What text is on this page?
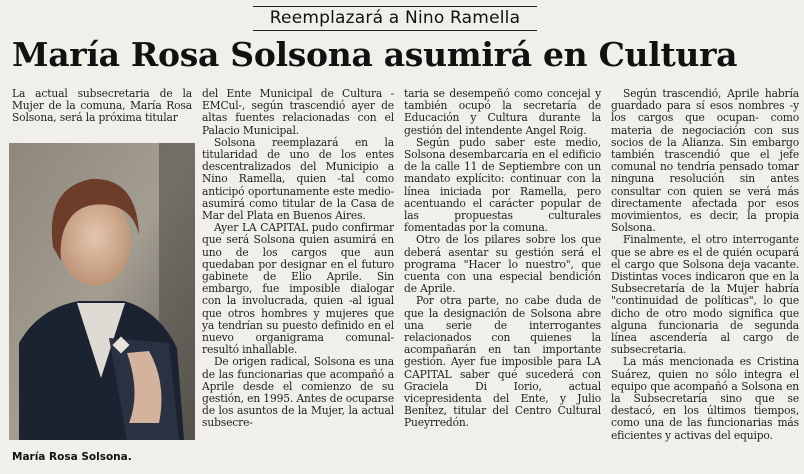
Reemplazará a Nino Ramella
María Rosa Solsona asumirá en Cultura

La actual subsecretaria de la Mujer de la comuna, María Rosa Solsona, será la próxima titular

María Rosa Solsona.

del Ente Municipal de Cultura -EMCul-, según trascendió ayer de altas fuentes relacionadas con el Palacio Municipal.

Solsona reemplazará en la titularidad de uno de los entes descentralizados del Municipio a Nino Ramella, quien -tal como anticipó oportunamente este medio- asumirá como titular de la Casa de Mar del Plata en Buenos Aires.

Ayer LA CAPITAL pudo confirmar que será Solsona quien asumirá en uno de los cargos que aun quedaban por designar en el futuro gabinete de Elio Aprile. Sin embargo, fue imposible dialogar con la involucrada, quien -al igual que otros hombres y mujeres que ya tendrían su puesto definido en el nuevo organigrama comunal- resultó inhallable.

De origen radical, Solsona es una de las funcionarias que acompañó a Aprile desde el comienzo de su gestión, en 1995. Antes de ocuparse de los asuntos de la Mujer, la actual subsecre-

taria se desempeñó como concejal y también ocupó la secretaría de Educación y Cultura durante la gestión del intendente Angel Roig.

Según pudo saber este medio, Solsona desembarcaría en el edificio de la calle 11 de Septiembre con un mandato explícito: continuar con la línea iniciada por Ramella, pero acentuando el carácter popular de las propuestas culturales fomentadas por la comuna.

Otro de los pilares sobre los que deberá asentar su gestión será el programa "Hacer lo nuestro", que cuenta con una especial bendición de Aprile.

Por otra parte, no cabe duda de que la designación de Solsona abre una serie de interrogantes relacionados con quienes la acompañarán en tan importante gestión. Ayer fue imposible para LA CAPITAL saber qué sucederá con Graciela Di Iorio, actual vicepresidenta del Ente, y Julio Benítez, titular del Centro Cultural Pueyrredón.

Según trascendió, Aprile habría guardado para sí esos nombres -y los cargos que ocupan- como materia de negociación con sus socios de la Alianza. Sin embargo también trascendió que el jefe comunal no tendría pensado tomar ninguna resolución sin antes consultar con quien se verá más directamente afectada por esos movimientos, es decir, la propia Solsona.

Finalmente, el otro interrogante que se abre es el de quién ocupará el cargo que Solsona deja vacante. Distintas voces indicaron que en la Subsecretaría de la Mujer habría "continuidad de políticas", lo que dicho de otro modo significa que alguna funcionaria de segunda línea ascendería al cargo de subsecretaria.

La más mencionada es Cristina Suárez, quien no sólo integra el equipo que acompañó a Solsona en la Subsecretaría sino que se destacó, en los últimos tiempos, como una de las funcionarias más eficientes y activas del equipo.
